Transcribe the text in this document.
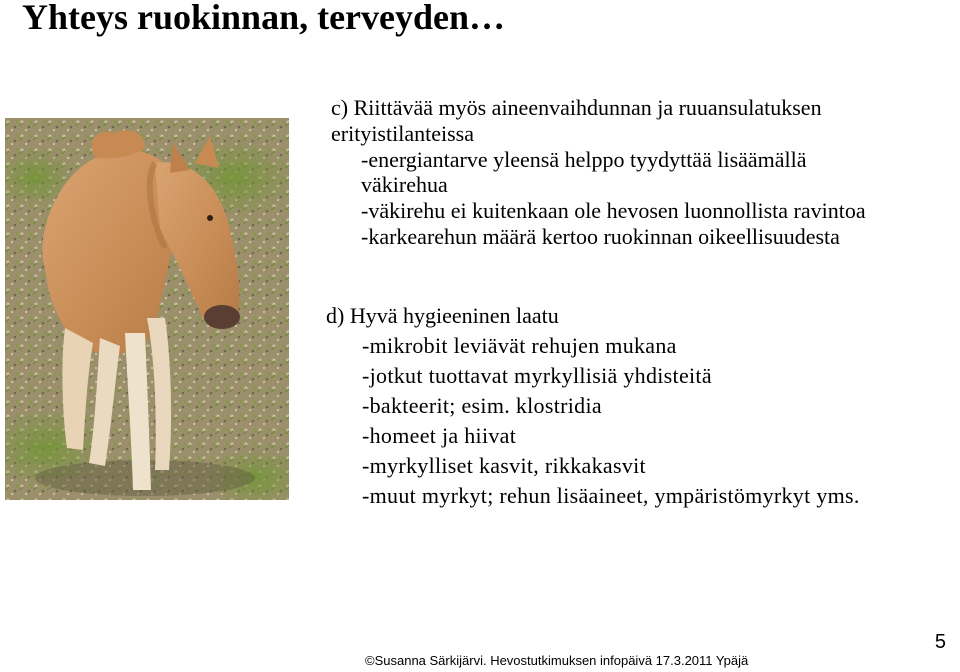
Yhteys ruokinnan, terveyden…
c) Riittävää myös aineenvaihdunnan ja ruuansulatuksen
erityistilanteissa
-energiantarve yleensä helppo tyydyttää lisäämällä
väkirehua
-väkirehu ei kuitenkaan ole hevosen luonnollista ravintoa
-karkearehun määrä kertoo ruokinnan oikeellisuudesta
d) Hyvä hygieeninen laatu
-mikrobit leviävät rehujen mukana
-jotkut tuottavat myrkyllisiä yhdisteitä
-bakteerit; esim. klostridia
-homeet ja hiivat
-myrkylliset kasvit, rikkakasvit
-muut myrkyt; rehun lisäaineet, ympäristömyrkyt yms.
5
©Susanna Särkijärvi. Hevostutkimuksen infopäivä 17.3.2011 Ypäjä
